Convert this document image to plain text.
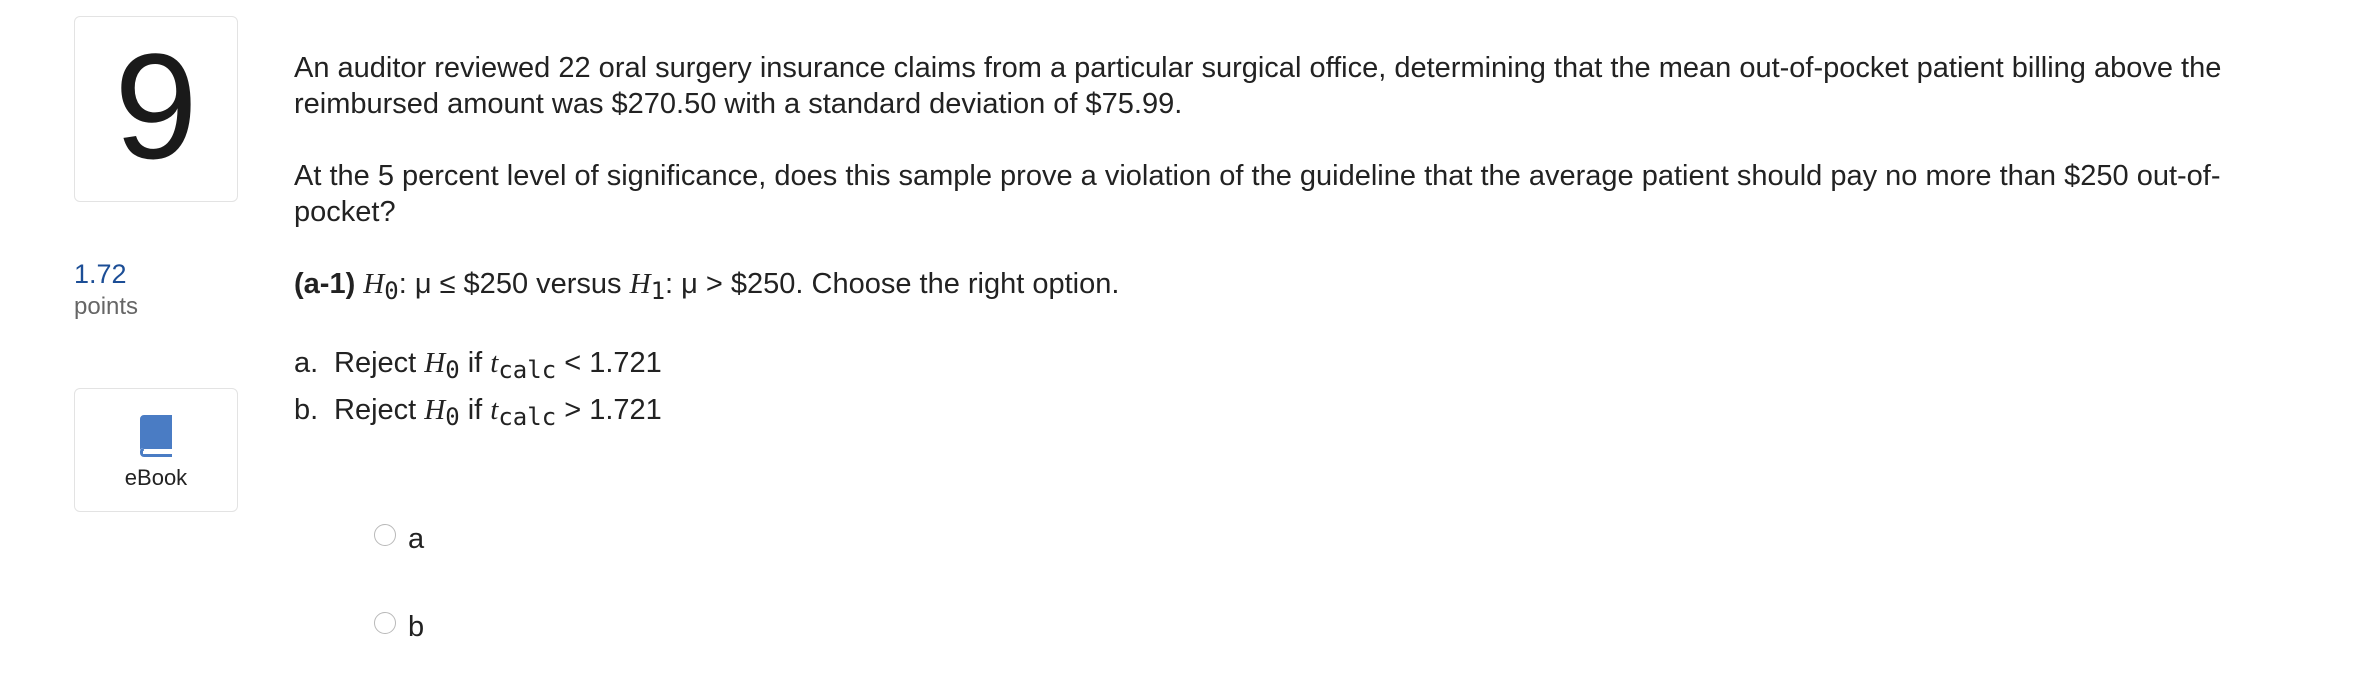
9
1.72
points
eBook

An auditor reviewed 22 oral surgery insurance claims from a particular surgical office, determining that the mean out-of-pocket patient billing above the reimbursed amount was $270.50 with a standard deviation of $75.99.

At the 5 percent level of significance, does this sample prove a violation of the guideline that the average patient should pay no more than $250 out-of-pocket?

(a-1) $H_0$: μ ≤ $250 versus $H_1$: μ > $250. Choose the right option.
a. Reject $H_0$ if $t_{calc} < 1.721$
b. Reject $H_0$ if $t_{calc} > 1.721$
a
b
